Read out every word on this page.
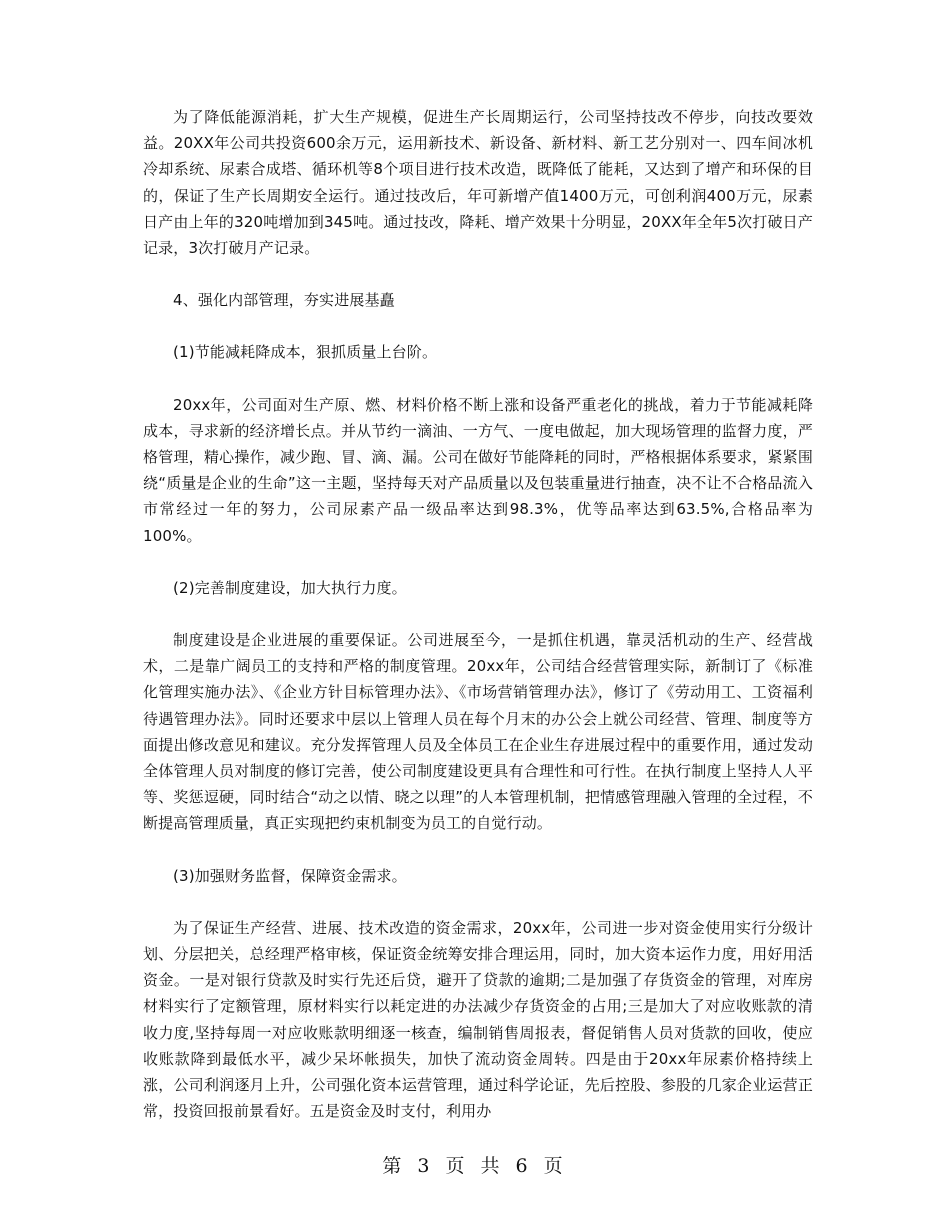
为了降低能源消耗，扩大生产规模，促进生产长周期运行，公司坚持技改不停步，向技改要效益。20XX年公司共投资600余万元，运用新技术、新设备、新材料、新工艺分别对一、四车间冰机冷却系统、尿素合成塔、循环机等8个项目进行技术改造，既降低了能耗，又达到了增产和环保的目的，保证了生产长周期安全运行。通过技改后，年可新增产值1400万元，可创利润400万元，尿素日产由上年的320吨增加到345吨。通过技改，降耗、增产效果十分明显，20XX年全年5次打破日产记录，3次打破月产记录。

4、强化内部管理，夯实进展基矗

(1)节能减耗降成本，狠抓质量上台阶。

20xx年，公司面对生产原、燃、材料价格不断上涨和设备严重老化的挑战，着力于节能减耗降成本，寻求新的经济增长点。并从节约一滴油、一方气、一度电做起，加大现场管理的监督力度，严格管理，精心操作，减少跑、冒、滴、漏。公司在做好节能降耗的同时，严格根据体系要求，紧紧围绕“质量是企业的生命”这一主题，坚持每天对产品质量以及包装重量进行抽查，决不让不合格品流入市常经过一年的努力，公司尿素产品一级品率达到98.3%，优等品率达到63.5%,合格品率为100%。

(2)完善制度建设，加大执行力度。

制度建设是企业进展的重要保证。公司进展至今，一是抓住机遇，靠灵活机动的生产、经营战术，二是靠广阔员工的支持和严格的制度管理。20xx年，公司结合经营管理实际，新制订了《标准化管理实施办法》、《企业方针目标管理办法》、《市场营销管理办法》，修订了《劳动用工、工资福利待遇管理办法》。同时还要求中层以上管理人员在每个月末的办公会上就公司经营、管理、制度等方面提出修改意见和建议。充分发挥管理人员及全体员工在企业生存进展过程中的重要作用，通过发动全体管理人员对制度的修订完善，使公司制度建设更具有合理性和可行性。在执行制度上坚持人人平等、奖惩逗硬，同时结合“动之以情、晓之以理”的人本管理机制，把情感管理融入管理的全过程，不断提高管理质量，真正实现把约束机制变为员工的自觉行动。

(3)加强财务监督，保障资金需求。

为了保证生产经营、进展、技术改造的资金需求，20xx年，公司进一步对资金使用实行分级计划、分层把关，总经理严格审核，保证资金统筹安排合理运用，同时，加大资本运作力度，用好用活资金。一是对银行贷款及时实行先还后贷，避开了贷款的逾期;二是加强了存货资金的管理，对库房材料实行了定额管理，原材料实行以耗定进的办法减少存货资金的占用;三是加大了对应收账款的清收力度,坚持每周一对应收账款明细逐一核查，编制销售周报表，督促销售人员对货款的回收，使应收账款降到最低水平，减少呆坏帐损失，加快了流动资金周转。四是由于20xx年尿素价格持续上涨，公司利润逐月上升，公司强化资本运营管理，通过科学论证，先后控股、参股的几家企业运营正常，投资回报前景看好。五是资金及时支付，利用办

第 3 页 共 6 页
